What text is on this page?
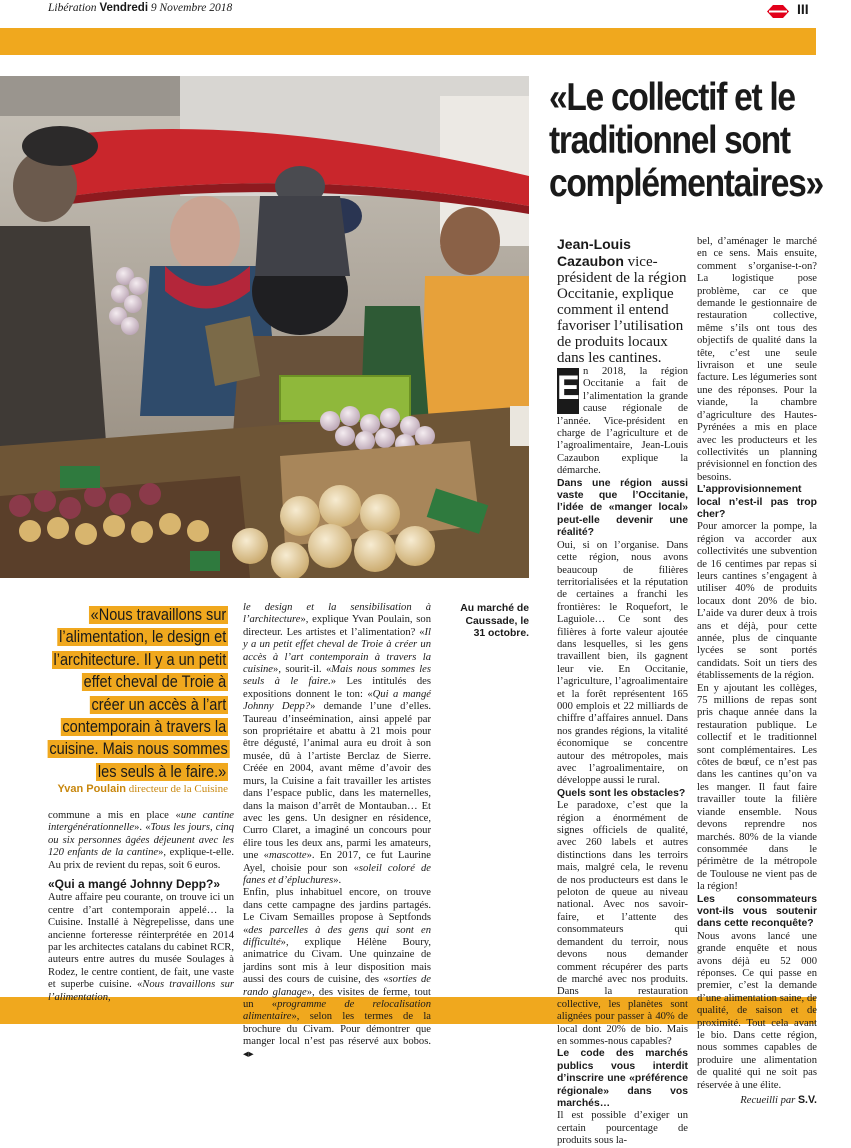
Libération Vendredi 9 Novembre 2018	III
«Le collectif et le traditionnel sont complémentaires»
Jean-Louis Cazaubon vice-président de la région Occitanie, explique comment il entend favoriser l’utilisation de produits locaux dans les cantines.
«Nous travaillons sur l’alimentation, le design et l’architecture. Il y a un petit effet cheval de Troie à créer un accès à l’art contemporain à travers la cuisine. Mais nous sommes les seuls à le faire.»
Yvan Poulain directeur de la Cuisine
Au marché de Caussade, le 31 octobre.

commune a mis en place «une cantine intergénérationnelle». «Tous les jours, cinq ou six personnes âgées déjeunent avec les 120 enfants de la cantine», explique-t-elle. Au prix de revient du repas, soit 6 euros.

«Qui a mangé Johnny Depp?»

Autre affaire peu courante, on trouve ici un centre d’art contemporain appelé… la Cuisine. Installé à Nègrepelisse, dans une ancienne forteresse réinterprétée en 2014 par les architectes catalans du cabinet RCR, auteurs entre autres du musée Soulages à Rodez, le centre contient, de fait, une vaste et superbe cuisine. «Nous travaillons sur l’alimentation,

le design et la sensibilisation à l’architecture», explique Yvan Poulain, son directeur. Les artistes et l’alimentation? «Il y a un petit effet cheval de Troie à créer un accès à l’art contemporain à travers la cuisine», sourit-il. «Mais nous sommes les seuls à le faire.» Les intitulés des expositions donnent le ton: «Qui a mangé Johnny Depp?» demande l’une d’elles. Taureau d’inseémination, ainsi appelé par son propriétaire et abattu à 21 mois pour être dégusté, l’animal aura eu droit à son musée, dû à l’artiste Berclaz de Sierre. Créée en 2004, avant même d’avoir des murs, la Cuisine a fait travailler les artistes dans l’espace public, dans les maternelles, dans la maison d’arrêt de Montauban… Et avec les gens. Un designer en résidence, Curro Claret, a imaginé un concours pour élire tous les deux ans, parmi les amateurs, une «mascotte». En 2017, ce fut Laurine Ayel, choisie pour son «soleil coloré de fanes et d’épluchures».

Enfin, plus inhabituel encore, on trouve dans cette campagne des jardins partagés. Le Civam Semailles propose à Septfonds «des parcelles à des gens qui sont en difficulté», explique Hélène Boury, animatrice du Civam. Une quinzaine de jardins sont mis à leur disposition mais aussi des cours de cuisine, des «sorties de rando glanage», des visites de ferme, tout un «programme de relocalisation alimentaire», selon les termes de la brochure du Civam. Pour démontrer que manger local n’est pas réservé aux bobos. ◂▸

E n 2018, la région Occitanie a fait de l’alimentation la grande cause régionale de l’année. Vice-président en charge de l’agriculture et de l’agroalimentaire, Jean-Louis Cazaubon explique la démarche.

Dans une région aussi vaste que l’Occitanie, l’idée de «manger local» peut-elle devenir une réalité?

Oui, si on l’organise. Dans cette région, nous avons beaucoup de filières territorialisées et la réputation de certaines a franchi les frontières: le Roquefort, le Laguiole… Ce sont des filières à forte valeur ajoutée dans lesquelles, si les gens travaillent bien, ils gagnent leur vie. En Occitanie, l’agriculture, l’agroalimentaire et la forêt représentent 165 000 emplois et 22 milliards de chiffre d’affaires annuel. Dans nos grandes régions, la vitalité économique se concentre autour des métropoles, mais avec l’agroalimentaire, on développe aussi le rural.

Quels sont les obstacles?

Le paradoxe, c’est que la région a énormément de signes officiels de qualité, avec 260 labels et autres distinctions dans les terroirs mais, malgré cela, le revenu de nos producteurs est dans le peloton de queue au niveau national. Avec nos savoir-faire, et l’attente des consommateurs qui demandent du terroir, nous devons nous demander comment récupérer des parts de marché avec nos produits. Dans la restauration collective, les planètes sont alignées pour passer à 40% de local dont 20% de bio. Mais en sommes-nous capables?

Le code des marchés publics vous interdit d’inscrire une «préférence régionale» dans vos marchés…

Il est possible d’exiger un certain pourcentage de produits sous la-

bel, d’aménager le marché en ce sens. Mais ensuite, comment s’organise-t-on? La logistique pose problème, car ce que demande le gestionnaire de restauration collective, même s’ils ont tous des objectifs de qualité dans la tête, c’est une seule livraison et une seule facture. Les légumeries sont une des réponses. Pour la viande, la chambre d’agriculture des Hautes-Pyrénées a mis en place avec les producteurs et les collectivités un planning prévisionnel en fonction des besoins.

L’approvisionnement local n’est-il pas trop cher?

Pour amorcer la pompe, la région va accorder aux collectivités une subvention de 16 centimes par repas si leurs cantines s’engagent à utiliser 40% de produits locaux dont 20% de bio. L’aide va durer deux à trois ans et déjà, pour cette année, plus de cinquante lycées se sont portés candidats. Soit un tiers des établissements de la région.

En y ajoutant les collèges, 75 millions de repas sont pris chaque année dans la restauration publique. Le collectif et le traditionnel sont complémentaires. Les côtes de bœuf, ce n’est pas dans les cantines qu’on va les manger. Il faut faire travailler toute la filière viande ensemble. Nous devons reprendre nos marchés. 80% de la viande consommée dans le périmètre de la métropole de Toulouse ne vient pas de la région!

Les consommateurs vont-ils vous soutenir dans cette reconquête?

Nous avons lancé une grande enquête et nous avons déjà eu 52 000 réponses. Ce qui passe en premier, c’est la demande d’une alimentation saine, de qualité, de saison et de proximité. Tout cela avant le bio. Dans cette région, nous sommes capables de produire une alimentation de qualité qui ne soit pas réservée à une élite.

Recueilli par S.V.
